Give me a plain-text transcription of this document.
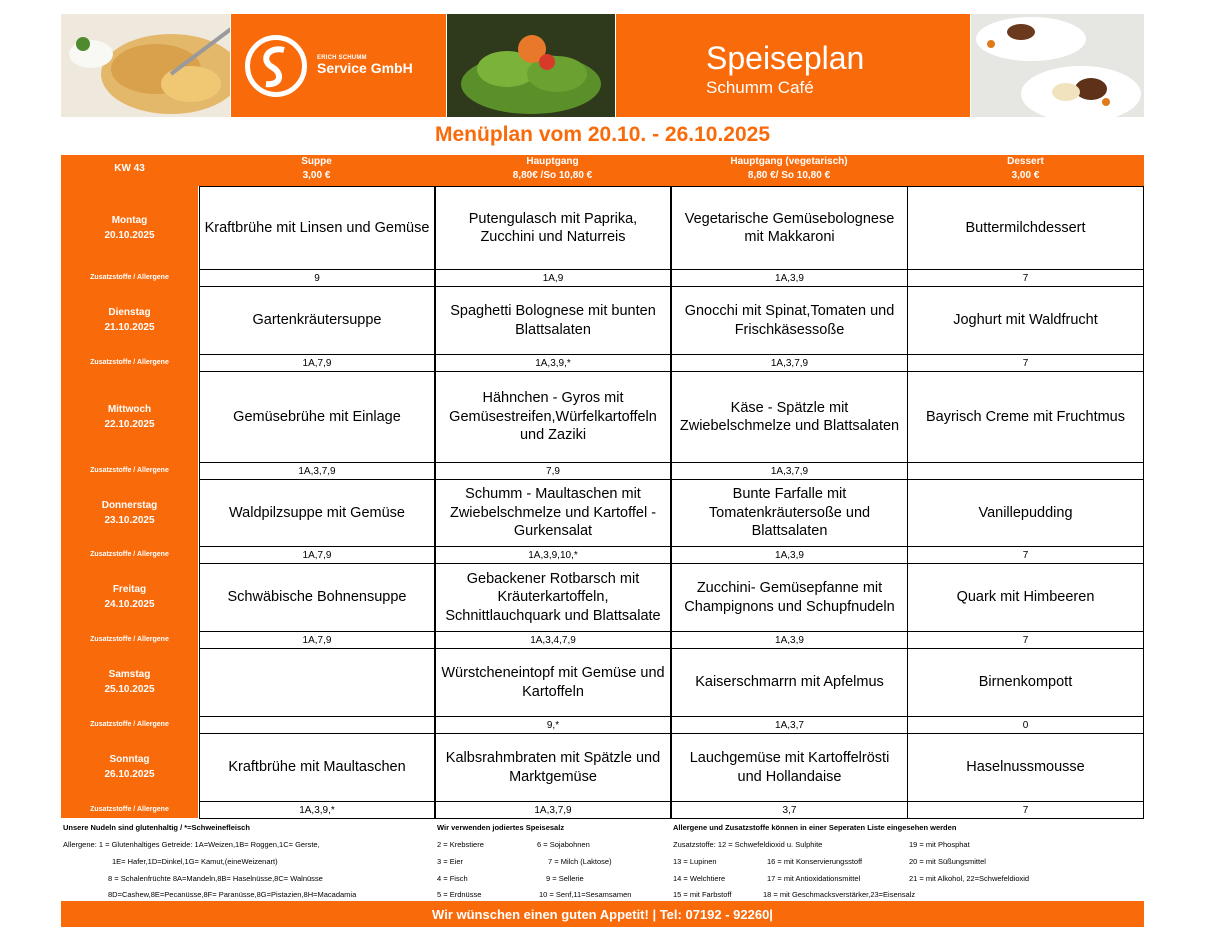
ERICH SCHUMM
Service GmbH	Speiseplan
Schumm Café
Menüplan vom 20.10. - 26.10.2025
KW 43
Suppe
3,00 €
Hauptgang
8,80€ /So 10,80 €
Hauptgang (vegetarisch)
8,80 €/ So 10,80 €
Dessert
3,00 €
Montag
20.10.2025
Zusatzstoffe / Allergene
Kraftbrühe mit Linsen und Gemüse
9
Putengulasch mit Paprika, Zucchini und Naturreis
1A,9
Vegetarische Gemüsebolognese mit Makkaroni
1A,3,9
Buttermilchdessert
7
Dienstag
21.10.2025
Zusatzstoffe / Allergene
Gartenkräutersuppe
1A,7,9
Spaghetti Bolognese mit bunten Blattsalaten
1A,3,9,*
Gnocchi mit Spinat,Tomaten und Frischkäsessoße
1A,3,7,9
Joghurt mit Waldfrucht
7
Mittwoch
22.10.2025
Zusatzstoffe / Allergene
Gemüsebrühe mit Einlage
1A,3,7,9
Hähnchen - Gyros mit Gemüsestreifen,Würfelkartoffeln und Zaziki
7,9
Käse - Spätzle mit Zwiebelschmelze und Blattsalaten
1A,3,7,9
Bayrisch Creme mit Fruchtmus
Donnerstag
23.10.2025
Zusatzstoffe / Allergene
Waldpilzsuppe mit Gemüse
1A,7,9
Schumm - Maultaschen mit Zwiebelschmelze und Kartoffel - Gurkensalat
1A,3,9,10,*
Bunte Farfalle mit Tomatenkräutersoße und Blattsalaten
1A,3,9
Vanillepudding
7
Freitag
24.10.2025
Zusatzstoffe / Allergene
Schwäbische Bohnensuppe
1A,7,9
Gebackener Rotbarsch mit Kräuterkartoffeln, Schnittlauchquark und Blattsalate
1A,3,4,7,9
Zucchini- Gemüsepfanne mit Champignons und Schupfnudeln
1A,3,9
Quark mit Himbeeren
7
Samstag
25.10.2025
Zusatzstoffe / Allergene
Würstcheneintopf mit Gemüse und Kartoffeln
9,*
Kaiserschmarrn mit Apfelmus
1A,3,7
Birnenkompott
0
Sonntag
26.10.2025
Zusatzstoffe / Allergene
Kraftbrühe mit Maultaschen
1A,3,9,*
Kalbsrahmbraten mit Spätzle und Marktgemüse
1A,3,7,9
Lauchgemüse mit Kartoffelrösti und Hollandaise
3,7
Haselnussmousse
7
Unsere Nudeln sind glutenhaltig / *=Schweinefleisch
Allergene: 1 = Glutenhaltiges Getreide: 1A=Weizen,1B= Roggen,1C= Gerste,
1E= Hafer,1D=Dinkel,1G= Kamut,(eineWeizenart)
8 = Schalenfrüchte 8A=Mandeln,8B= Haselnüsse,8C= Walnüsse
8D=Cashew,8E=Pecanüsse,8F= Paranüsse,8G=Pistazien,8H=Macadamia
Wir verwenden jodiertes Speisesalz
2 = Krebstiere
3 = Eier
4 = Fisch
5 = Erdnüsse
6 = Sojabohnen
7 = Milch (Laktose)
9 = Sellerie
10 = Senf,11=Sesamsamen
Allergene und Zusatzstoffe können in einer Seperaten Liste eingesehen werden
Zusatzstoffe: 12 = Schwefeldioxid u. Sulphite
13 = Lupinen
14 = Welchtiere
15 = mit Farbstoff
16 = mit Konservierungsstoff
17 = mit Antioxidationsmittel
18 = mit Geschmacksverstärker,23=Eisensalz
19 = mit Phosphat
20 = mit Süßungsmittel
21 = mit Alkohol, 22=Schwefeldioxid
Wir wünschen einen guten Appetit! | Tel: 07192 - 92260|
